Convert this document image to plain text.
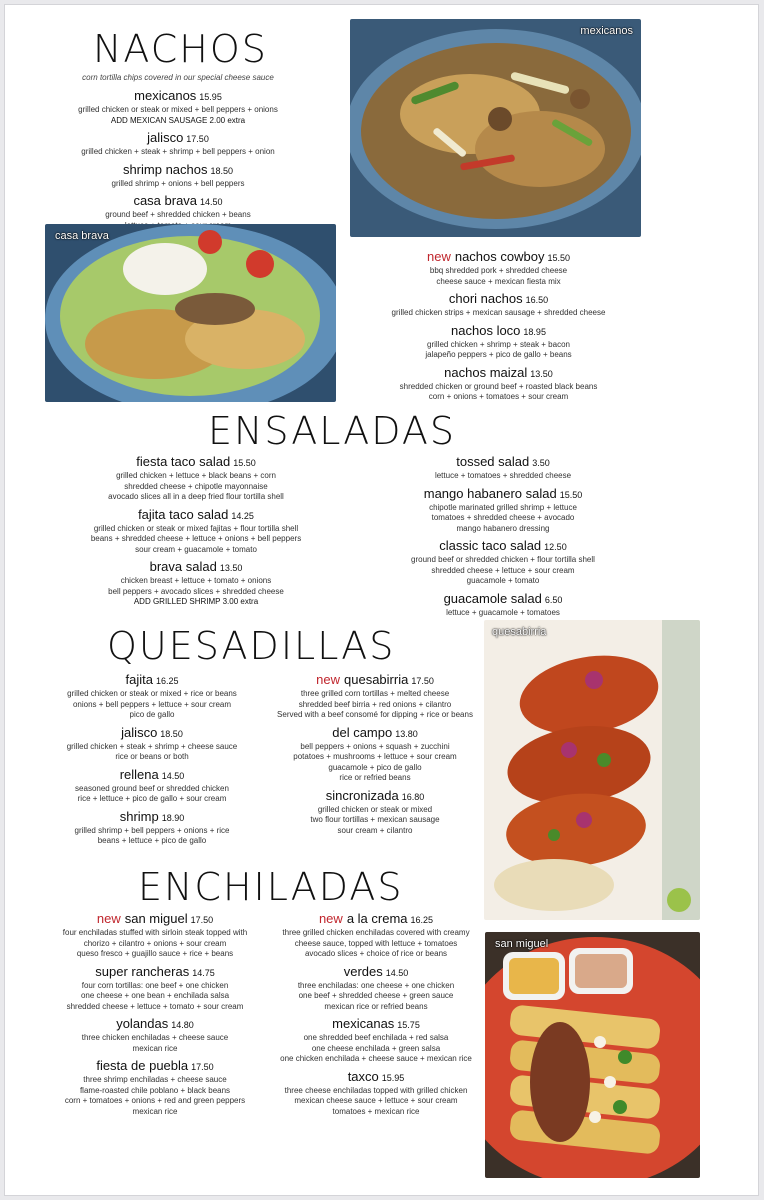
NACHOS
corn tortilla chips covered in our special cheese sauce
mexicanos 15.95
grilled chicken or steak or mixed + bell peppers + onions
ADD MEXICAN SAUSAGE 2.00 extra
jalisco 17.50
grilled chicken + steak + shrimp + bell peppers + onion
shrimp nachos 18.50
grilled shrimp + onions + bell peppers
casa brava 14.50
ground beef + shredded chicken + beans
new nachos cowboy 15.50
bbq shredded pork + shredded cheese
cheese sauce + mexican fiesta mix
chori nachos 16.50
grilled chicken strips + mexican sausage + shredded cheese
nachos loco 18.95
grilled chicken + shrimp + steak + bacon
jalapeño peppers + pico de gallo + beans
nachos maizal 13.50
shredded chicken or ground beef + roasted black beans
corn + onions + tomatoes + sour cream
mexicanos
casa brava
ENSALADAS
fiesta taco salad 15.50
grilled chicken + lettuce + black beans + corn
shredded cheese + chipotle mayonnaise
avocado slices all in a deep fried flour tortilla shell
fajita taco salad 14.25
grilled chicken or steak or mixed fajitas + flour tortilla shell
beans + shredded cheese + lettuce + onions + bell peppers
sour cream + guacamole + tomato
brava salad 13.50
chicken breast + lettuce + tomato + onions
bell peppers + avocado slices + shredded cheese
ADD GRILLED SHRIMP 3.00 extra
tossed salad 3.50
lettuce + tomatoes + shredded cheese
mango habanero salad 15.50
chipotle marinated grilled shrimp + lettuce
tomatoes + shredded cheese + avocado
mango habanero dressing
classic taco salad 12.50
ground beef or shredded chicken + flour tortilla shell
shredded cheese + lettuce + sour cream
guacamole + tomato
guacamole salad 6.50
lettuce + guacamole + tomatoes
QUESADILLAS
fajita 16.25
grilled chicken or steak or mixed + rice or beans
onions + bell peppers + lettuce + sour cream
pico de gallo
jalisco 18.50
grilled chicken + steak + shrimp + cheese sauce
rice or beans or both
rellena 14.50
seasoned ground beef or shredded chicken
rice + lettuce + pico de gallo + sour cream
shrimp 18.90
grilled shrimp + bell peppers + onions + rice
beans + lettuce + pico de gallo
new quesabirria 17.50
three grilled corn tortillas + melted cheese
shredded beef birria + red onions + cilantro
Served with a beef consomé for dipping + rice or beans
del campo 13.80
bell peppers + onions + squash + zucchini
potatoes + mushrooms + lettuce + sour cream
guacamole + pico de gallo
rice or refried beans
sincronizada 16.80
grilled chicken or steak or mixed
two flour tortillas + mexican sausage
sour cream + cilantro
quesabirria
ENCHILADAS
new san miguel 17.50
four enchiladas stuffed with sirloin steak topped with
chorizo + cilantro + onions + sour cream
queso fresco + guajillo sauce + rice + beans
super rancheras 14.75
four corn tortillas: one beef + one chicken
one cheese + one bean + enchilada salsa
shredded cheese + lettuce + tomato + sour cream
yolandas 14.80
three chicken enchiladas + cheese sauce
mexican rice
fiesta de puebla 17.50
three shrimp enchiladas + cheese sauce
flame-roasted chile poblano + black beans
corn + tomatoes + onions + red and green peppers
mexican rice
new a la crema 16.25
three grilled chicken enchiladas covered with creamy
cheese sauce, topped with lettuce + tomatoes
avocado slices + choice of rice or beans
verdes 14.50
three enchiladas: one cheese + one chicken
one beef + shredded cheese + green sauce
mexican rice or refried beans
mexicanas 15.75
one shredded beef enchilada + red salsa
one cheese enchilada + green salsa
one chicken enchilada + cheese sauce + mexican rice
taxco 15.95
three cheese enchiladas topped with grilled chicken
mexican cheese sauce + lettuce + sour cream
tomatoes + mexican rice
san miguel
